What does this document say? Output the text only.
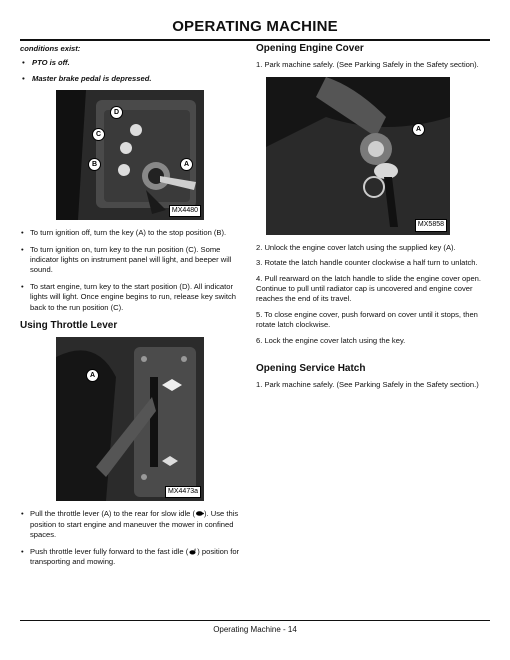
OPERATING MACHINE

conditions exist:

• PTO is off.

• Master brake pedal is depressed.

D
C
B	A
MX4480

• To turn ignition off, turn the key (A) to the stop position (B).

• To turn ignition on, turn key to the run position (C). Some indicator lights on instrument panel will light, and beeper will sound.

• To start engine, turn key to the start position (D). All indicator lights will light. Once engine begins to run, release key switch back to the run position (C).

Using Throttle Lever
A
MX4473a

• Pull the throttle lever (A) to the rear for slow idle ( ). Use this position to start engine and maneuver the mower in confined spaces.

• Push throttle lever fully forward to the fast idle ( ) position for transporting and mowing.

Opening Engine Cover

1. Park machine safely. (See Parking Safely in the Safety section).

A
MX5858

2. Unlock the engine cover latch using the supplied key (A).

3. Rotate the latch handle counter clockwise a half turn to unlatch.

4. Pull rearward on the latch handle to slide the engine cover open. Continue to pull until radiator cap is uncovered and engine cover reaches the end of its travel.

5. To close engine cover, push forward on cover until it stops, then rotate latch clockwise.

6. Lock the engine cover latch using the key.

Opening Service Hatch

1. Park machine safely. (See Parking Safely in the Safety section.)

Operating Machine - 14
